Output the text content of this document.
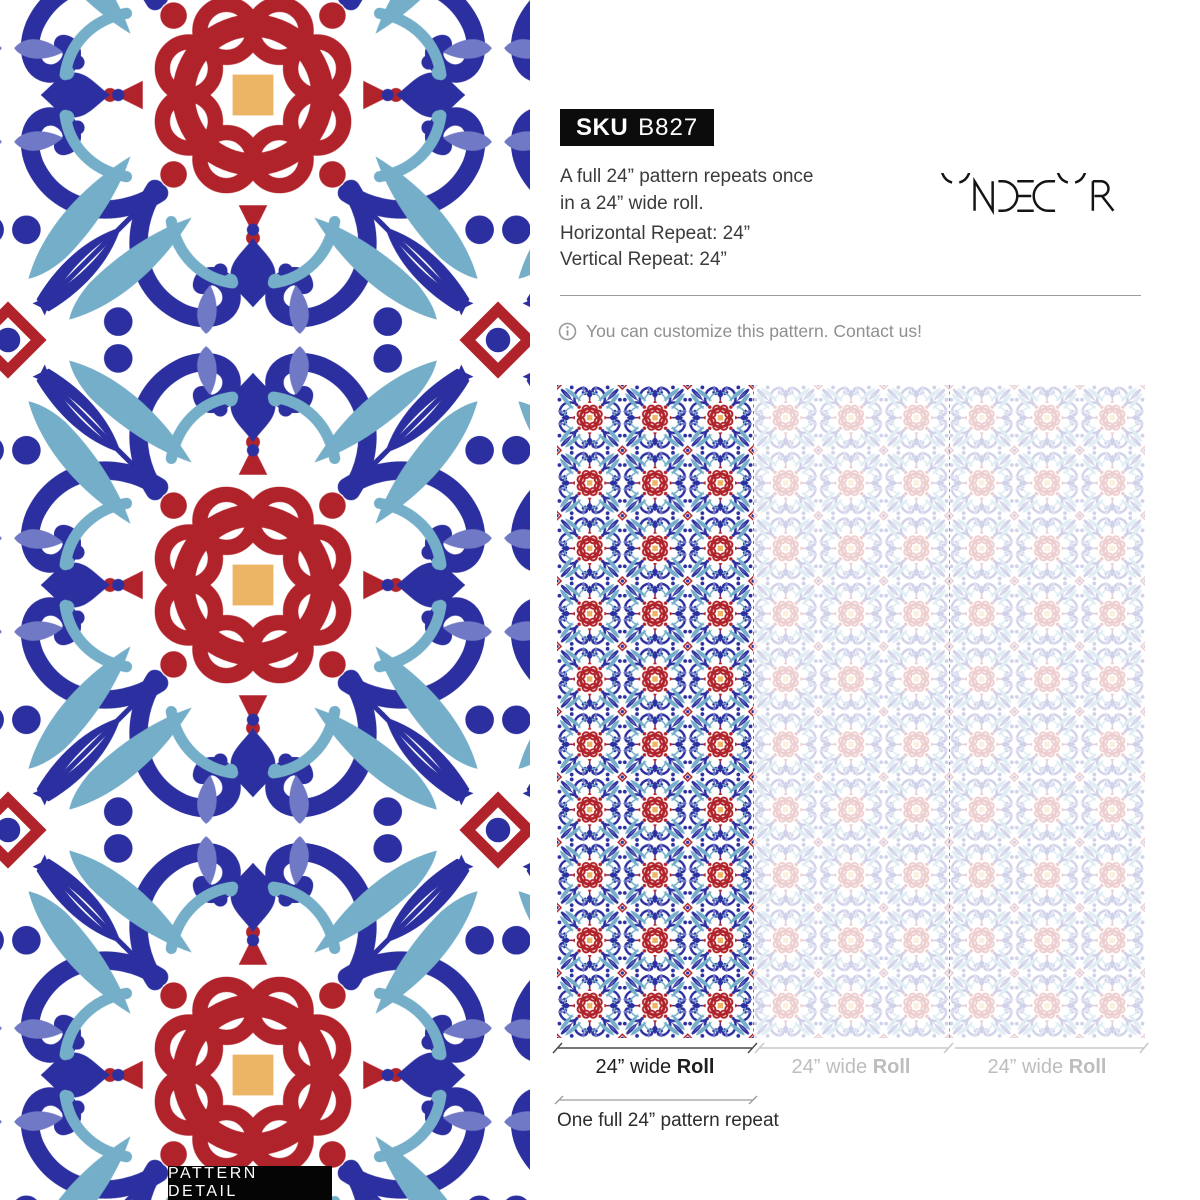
PATTERN DETAIL
SKU B827
A full 24” pattern repeats once
in a 24” wide roll.
Horizontal Repeat: 24”
Vertical Repeat: 24”
You can customize this pattern. Contact us!
24” wide Roll	24” wide Roll	24” wide Roll
One full 24” pattern repeat
